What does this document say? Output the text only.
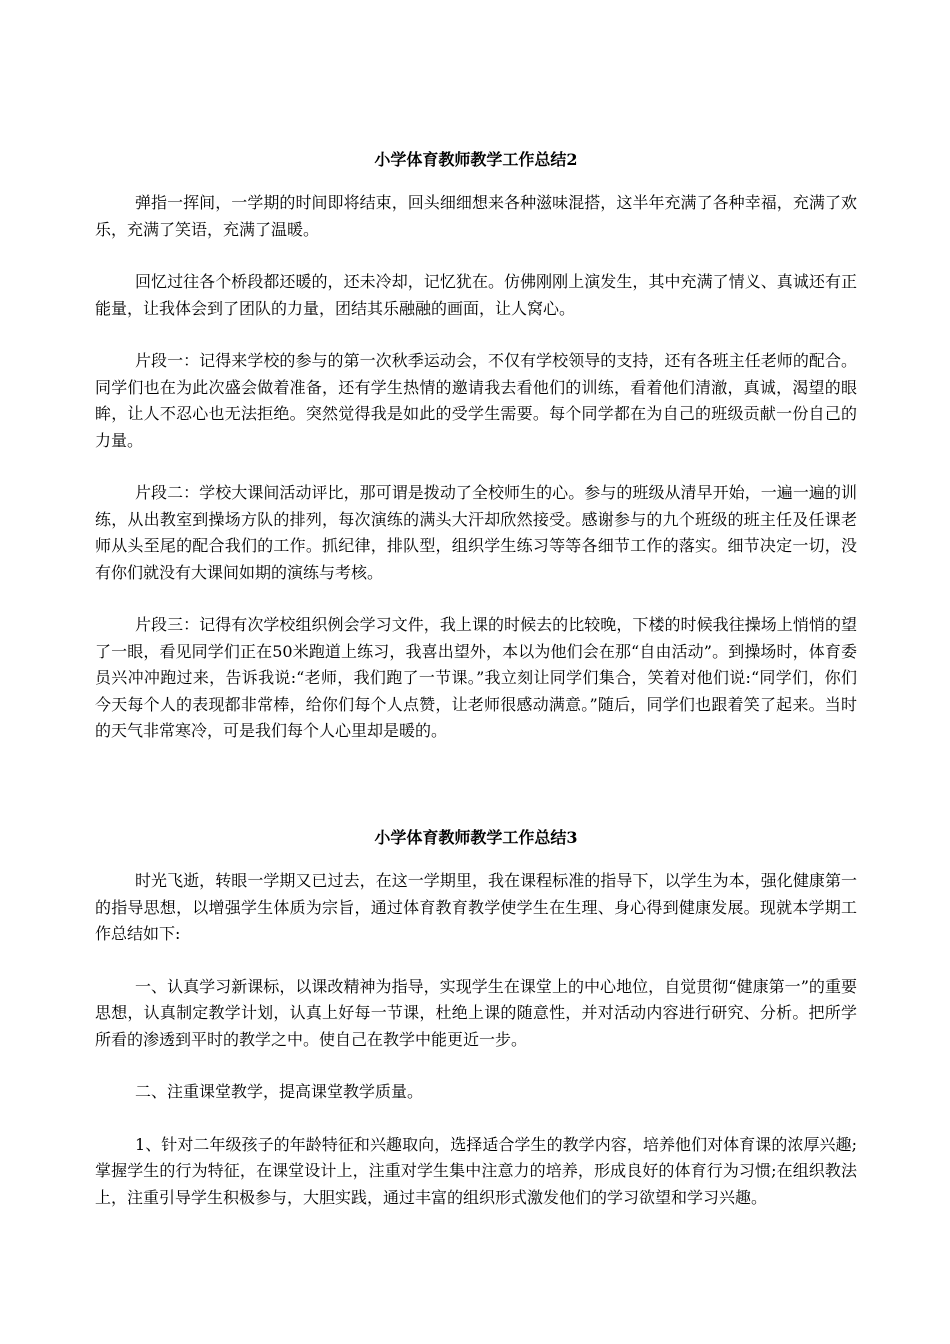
小学体育教师教学工作总结2

弹指一挥间，一学期的时间即将结束，回头细细想来各种滋味混搭，这半年充满了各种幸福，充满了欢乐，充满了笑语，充满了温暖。

回忆过往各个桥段都还暖的，还未冷却，记忆犹在。仿佛刚刚上演发生，其中充满了情义、真诚还有正能量，让我体会到了团队的力量，团结其乐融融的画面，让人窝心。

片段一：记得来学校的参与的第一次秋季运动会，不仅有学校领导的支持，还有各班主任老师的配合。同学们也在为此次盛会做着准备，还有学生热情的邀请我去看他们的训练，看着他们清澈，真诚，渴望的眼眸，让人不忍心也无法拒绝。突然觉得我是如此的受学生需要。每个同学都在为自己的班级贡献一份自己的力量。

片段二：学校大课间活动评比，那可谓是拨动了全校师生的心。参与的班级从清早开始，一遍一遍的训练，从出教室到操场方队的排列，每次演练的满头大汗却欣然接受。感谢参与的九个班级的班主任及任课老师从头至尾的配合我们的工作。抓纪律，排队型，组织学生练习等等各细节工作的落实。细节决定一切，没有你们就没有大课间如期的演练与考核。

片段三：记得有次学校组织例会学习文件，我上课的时候去的比较晚，下楼的时候我往操场上悄悄的望了一眼，看见同学们正在50米跑道上练习，我喜出望外，本以为他们会在那“自由活动”。到操场时，体育委员兴冲冲跑过来，告诉我说:“老师，我们跑了一节课。”我立刻让同学们集合，笑着对他们说:“同学们，你们今天每个人的表现都非常棒，给你们每个人点赞，让老师很感动满意。”随后，同学们也跟着笑了起来。当时的天气非常寒冷，可是我们每个人心里却是暖的。

小学体育教师教学工作总结3

时光飞逝，转眼一学期又已过去，在这一学期里，我在课程标准的指导下，以学生为本，强化健康第一的指导思想，以增强学生体质为宗旨，通过体育教育教学使学生在生理、身心得到健康发展。现就本学期工作总结如下:

一、认真学习新课标，以课改精神为指导，实现学生在课堂上的中心地位，自觉贯彻“健康第一”的重要思想，认真制定教学计划，认真上好每一节课，杜绝上课的随意性，并对活动内容进行研究、分析。把所学所看的渗透到平时的教学之中。使自己在教学中能更近一步。

二、注重课堂教学，提高课堂教学质量。

1、针对二年级孩子的年龄特征和兴趣取向，选择适合学生的教学内容，培养他们对体育课的浓厚兴趣;掌握学生的行为特征，在课堂设计上，注重对学生集中注意力的培养，形成良好的体育行为习惯;在组织教法上，注重引导学生积极参与，大胆实践，通过丰富的组织形式激发他们的学习欲望和学习兴趣。
